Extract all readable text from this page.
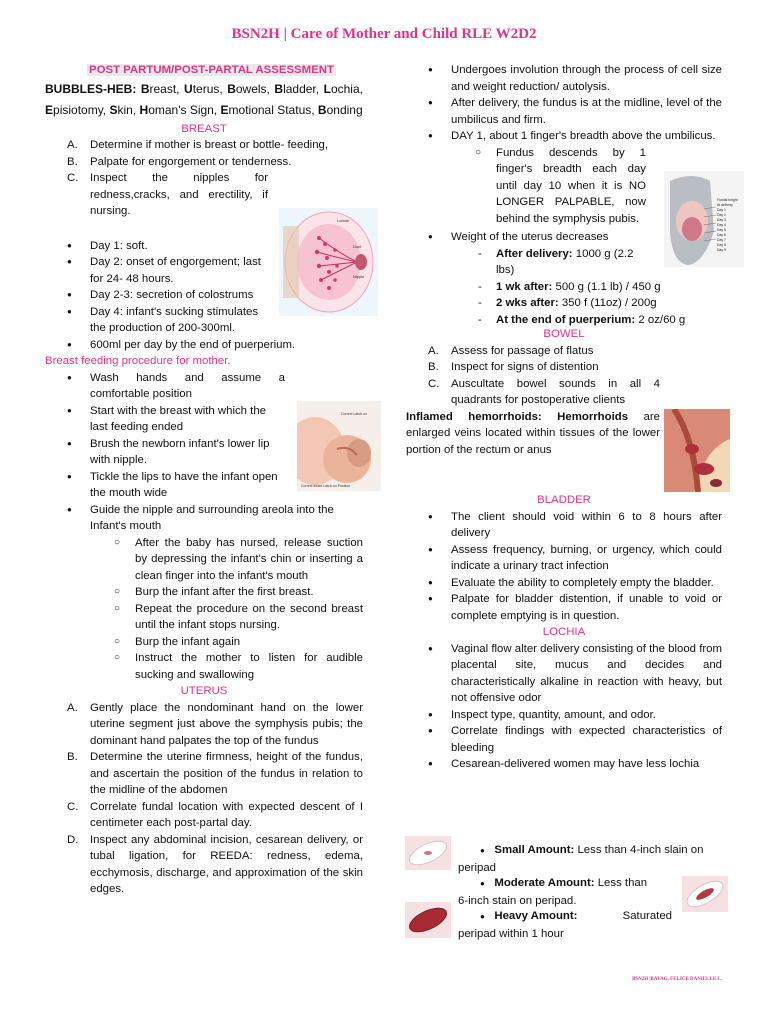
BSN2H | Care of Mother and Child RLE W2D2

POST PARTUM/POST-PARTAL ASSESSMENT

BUBBLES-HEB: Breast, Uterus, Bowels, Bladder, Lochia, Episiotomy, Skin, Homan's Sign, Emotional Status, Bonding

BREAST

A. Determine if mother is breast or bottle- feeding,
B. Palpate for engorgement or tenderness.
C. Inspect the nipples for redness,cracks, and erectility, if nursing.
● Day 1: soft.
● Day 2: onset of engorgement; last for 24- 48 hours.
● Day 2-3: secretion of colostrums
● Day 4: infant's sucking stimulates the production of 200-300ml.
● 600ml per day by the end of puerperium.

Breast feeding procedure for mother.

● Wash hands and assume a comfortable position
● Start with the breast with which the last feeding ended
● Brush the newborn infant's lower lip with nipple.
● Tickle the lips to have the infant open the mouth wide
● Guide the nipple and surrounding areola into the Infant's mouth
○ After the baby has nursed, release suction by depressing the infant's chin or inserting a clean finger into the infant's mouth
○ Burp the infant after the first breast.
○ Repeat the procedure on the second breast until the infant stops nursing.
○ Burp the infant again
○ Instruct the mother to listen for audible sucking and swallowing

UTERUS

A. Gently place the nondominant hand on the lower uterine segment just above the symphysis pubis; the dominant hand palpates the top of the fundus
B. Determine the uterine firmness, height of the fundus, and ascertain the position of the fundus in relation to the midline of the abdomen
C. Correlate fundal location with expected descent of I centimeter each post-partal day.
D. Inspect any abdominal incision, cesarean delivery, or tubal ligation, for REEDA: redness, edema, ecchymosis, discharge, and approximation of the skin edges.
Lobule
Duct
Nipple
Correct Latch-on
Correct Infant Latch-on Position
● Undergoes involution through the process of cell size and weight reduction/ autolysis.
● After delivery, the fundus is at the midline, level of the umbilicus and firm.
● DAY 1, about 1 finger's breadth above the umbilicus.
○ Fundus descends by 1 finger's breadth each day until day 10 when it is NO LONGER PALPABLE, now behind the symphysis pubis.
● Weight of the uterus decreases
- After delivery: 1000 g (2.2 lbs)
- 1 wk after: 500 g (1.1 lb) / 450 g
- 2 wks after: 350 f (11oz) / 200g
- At the end of puerperium: 2 oz/60 g

BOWEL

A. Assess for passage of flatus
B. Inspect for signs of distention
C. Auscultate bowel sounds in all 4 quadrants for postoperative clients

Inflamed hemorrhoids: Hemorrhoids are enlarged veins located within tissues of the lower portion of the rectum or anus

BLADDER

● The client should void within 6 to 8 hours after delivery
● Assess frequency, burning, or urgency, which could indicate a urinary tract infection
● Evaluate the ability to completely empty the bladder.
● Palpate for bladder distention, if unable to void or complete emptying is in question.

LOCHIA

● Vaginal flow alter delivery consisting of the blood from placental site, mucus and decides and characteristically alkaline in reaction with heavy, but not offensive odor
● Inspect type, quantity, amount, and odor.
● Correlate findings with expected characteristics of bleeding
● Cesarean-delivered women may have less lochia
Fundal height
At delivery
Day 1
Day 2
Day 3
Day 4
Day 5
Day 6
Day 7
Day 8
Day 9
● Small Amount: Less than 4-inch slain on
peripad
● Moderate Amount: Less than
6-inch stain on peripad.
● Heavy Amount:	Saturated
peripad within 1 hour
BSN2H |BAYAG, FELICE DANIELLE L.
